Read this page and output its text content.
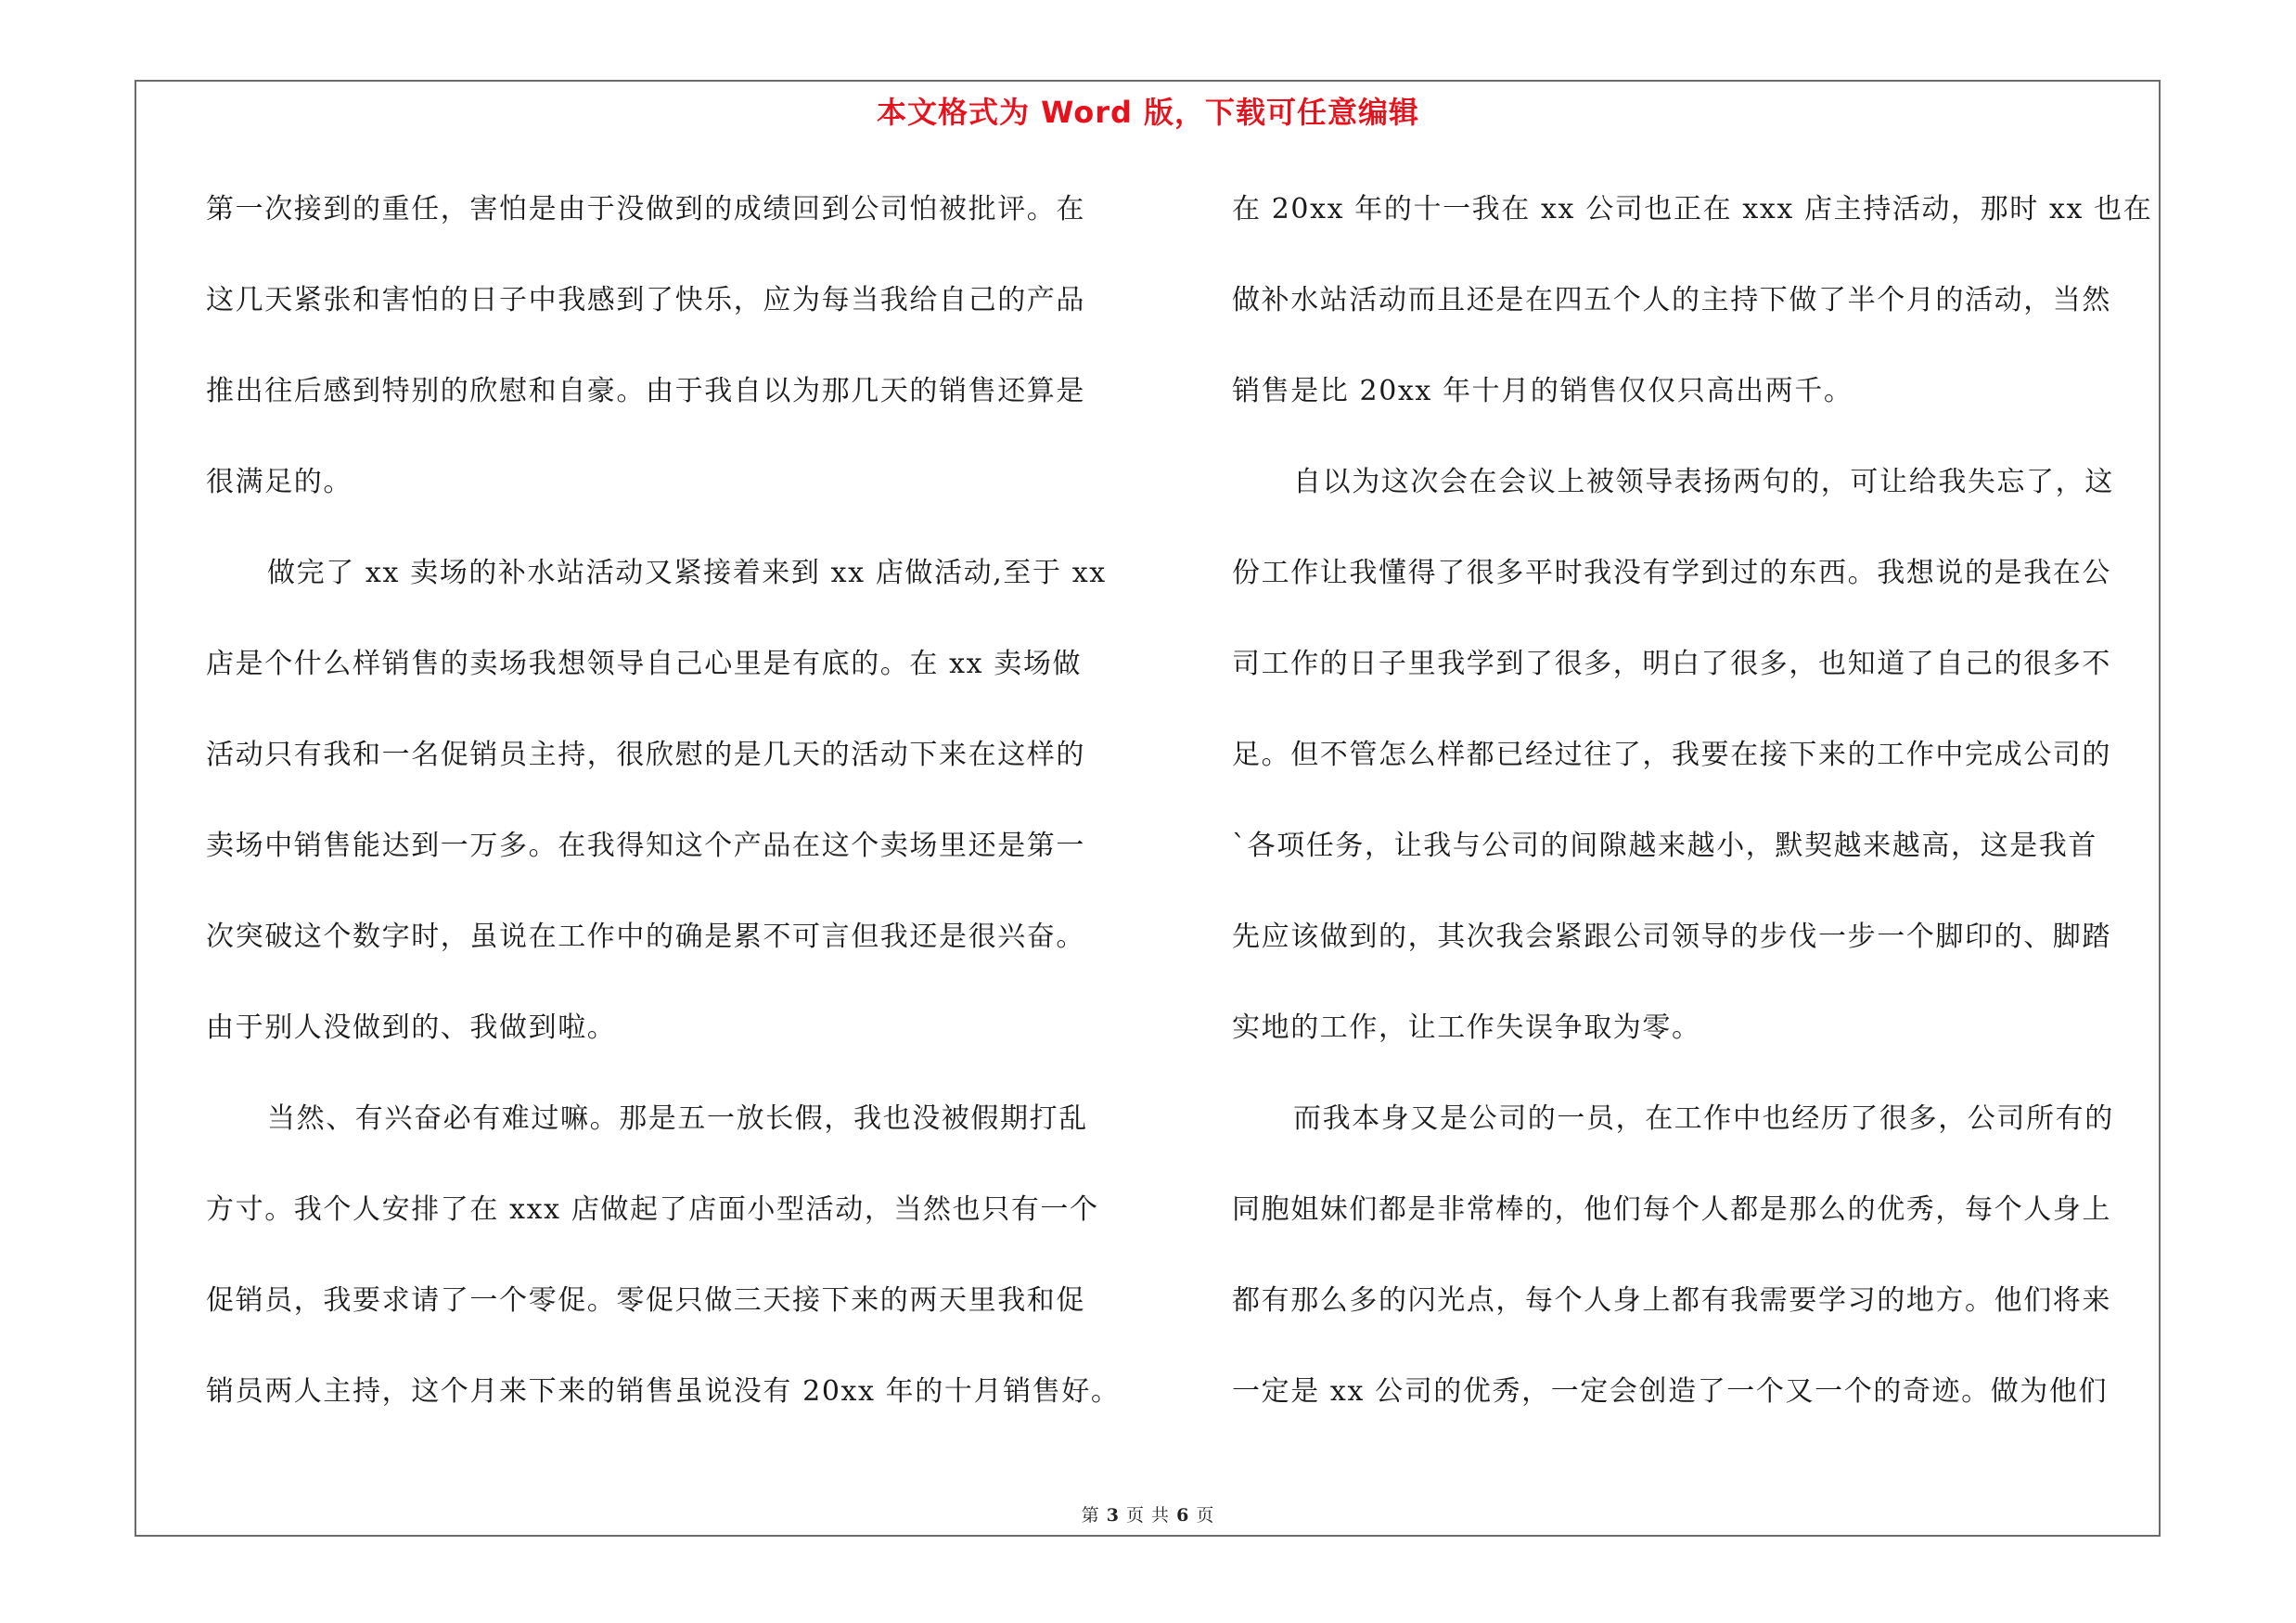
本文格式为 Word 版，下载可任意编辑
第一次接到的重任，害怕是由于没做到的成绩回到公司怕被批评。在
这几天紧张和害怕的日子中我感到了快乐，应为每当我给自己的产品
推出往后感到特别的欣慰和自豪。由于我自以为那几天的销售还算是
很满足的。
做完了 xx 卖场的补水站活动又紧接着来到 xx 店做活动,至于 xx
店是个什么样销售的卖场我想领导自己心里是有底的。在 xx 卖场做
活动只有我和一名促销员主持，很欣慰的是几天的活动下来在这样的
卖场中销售能达到一万多。在我得知这个产品在这个卖场里还是第一
次突破这个数字时，虽说在工作中的确是累不可言但我还是很兴奋。
由于别人没做到的、我做到啦。
当然、有兴奋必有难过嘛。那是五一放长假，我也没被假期打乱
方寸。我个人安排了在 xxx 店做起了店面小型活动，当然也只有一个
促销员，我要求请了一个零促。零促只做三天接下来的两天里我和促
销员两人主持，这个月来下来的销售虽说没有 20xx 年的十月销售好。
在 20xx 年的十一我在 xx 公司也正在 xxx 店主持活动，那时 xx 也在
做补水站活动而且还是在四五个人的主持下做了半个月的活动，当然
销售是比 20xx 年十月的销售仅仅只高出两千。
自以为这次会在会议上被领导表扬两句的，可让给我失忘了，这
份工作让我懂得了很多平时我没有学到过的东西。我想说的是我在公
司工作的日子里我学到了很多，明白了很多，也知道了自己的很多不
足。但不管怎么样都已经过往了，我要在接下来的工作中完成公司的
`各项任务，让我与公司的间隙越来越小，默契越来越高，这是我首
先应该做到的，其次我会紧跟公司领导的步伐一步一个脚印的、脚踏
实地的工作，让工作失误争取为零。
而我本身又是公司的一员，在工作中也经历了很多，公司所有的
同胞姐妹们都是非常棒的，他们每个人都是那么的优秀，每个人身上
都有那么多的闪光点，每个人身上都有我需要学习的地方。他们将来
一定是 xx 公司的优秀，一定会创造了一个又一个的奇迹。做为他们
第 3 页 共 6 页
